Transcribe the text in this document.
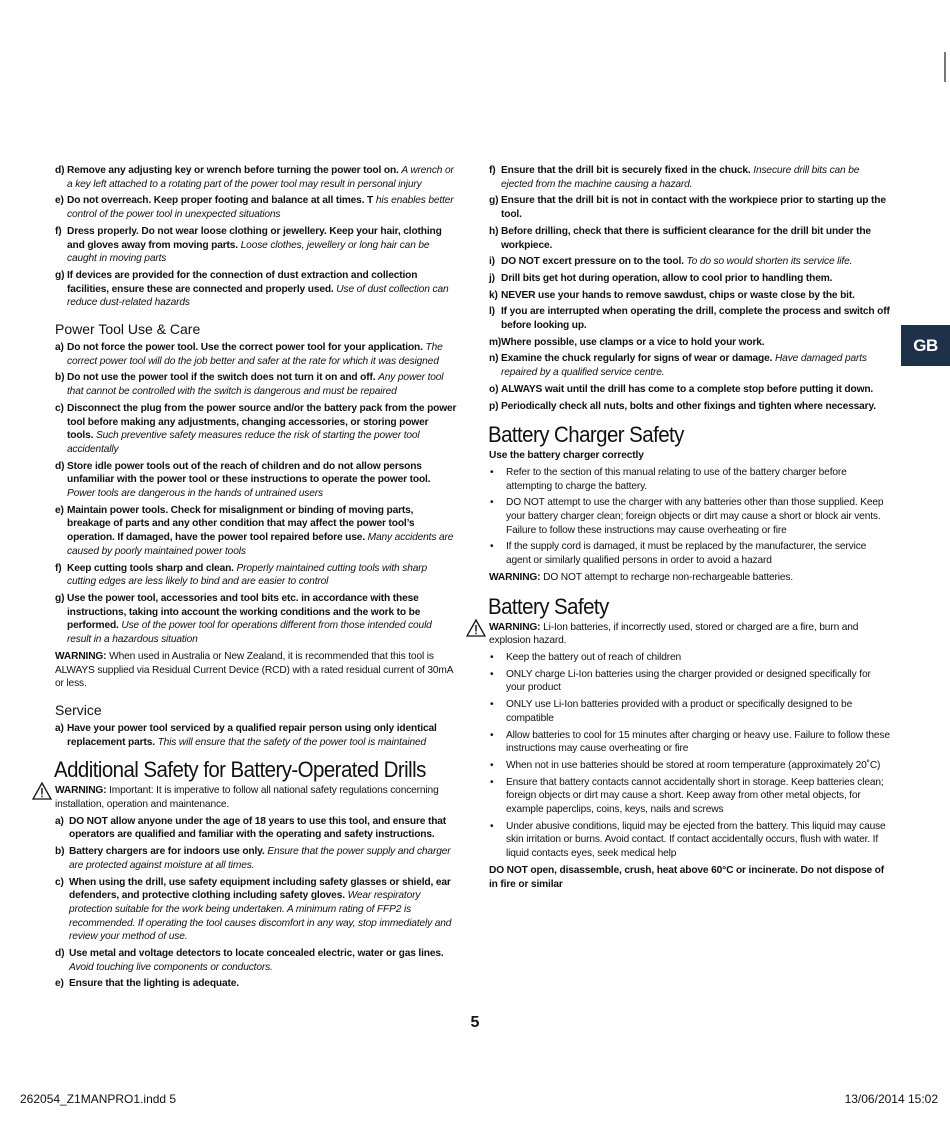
d) Remove any adjusting key or wrench before turning the power tool on. A wrench or a key left attached to a rotating part of the power tool may result in personal injury
e) Do not overreach. Keep proper footing and balance at all times. T his enables better control of the power tool in unexpected situations
f) Dress properly. Do not wear loose clothing or jewellery. Keep your hair, clothing and gloves away from moving parts. Loose clothes, jewellery or long hair can be caught in moving parts
g) If devices are provided for the connection of dust extraction and collection facilities, ensure these are connected and properly used. Use of dust collection can reduce dust-related hazards
Power Tool Use & Care
a) Do not force the power tool. Use the correct power tool for your application. The correct power tool will do the job better and safer at the rate for which it was designed
b) Do not use the power tool if the switch does not turn it on and off. Any power tool that cannot be controlled with the switch is dangerous and must be repaired
c) Disconnect the plug from the power source and/or the battery pack from the power tool before making any adjustments, changing accessories, or storing power tools. Such preventive safety measures reduce the risk of starting the power tool accidentally
d) Store idle power tools out of the reach of children and do not allow persons unfamiliar with the power tool or these instructions to operate the power tool. Power tools are dangerous in the hands of untrained users
e) Maintain power tools. Check for misalignment or binding of moving parts, breakage of parts and any other condition that may affect the power tool’s operation. If damaged, have the power tool repaired before use. Many accidents are caused by poorly maintained power tools
f) Keep cutting tools sharp and clean. Properly maintained cutting tools with sharp cutting edges are less likely to bind and are easier to control
g) Use the power tool, accessories and tool bits etc. in accordance with these instructions, taking into account the working conditions and the work to be performed. Use of the power tool for operations different from those intended could result in a hazardous situation

WARNING: When used in Australia or New Zealand, it is recommended that this tool is ALWAYS supplied via Residual Current Device (RCD) with a rated residual current of 30mA or less.

Service
a) Have your power tool serviced by a qualified repair person using only identical replacement parts. This will ensure that the safety of the power tool is maintained
Additional Safety for Battery-Operated Drills

WARNING: Important: It is imperative to follow all national safety regulations concerning installation, operation and maintenance.

a) DO NOT allow anyone under the age of 18 years to use this tool, and ensure that operators are qualified and familiar with the operating and safety instructions.
b) Battery chargers are for indoors use only. Ensure that the power supply and charger are protected against moisture at all times.
c) When using the drill, use safety equipment including safety glasses or shield, ear defenders, and protective clothing including safety gloves. Wear respiratory protection suitable for the work being undertaken. A minimum rating of FFP2 is recommended. If operating the tool causes discomfort in any way, stop immediately and review your method of use.
d) Use metal and voltage detectors to locate concealed electric, water or gas lines. Avoid touching live components or conductors.
e) Ensure that the lighting is adequate.
f) Ensure that the drill bit is securely fixed in the chuck. Insecure drill bits can be ejected from the machine causing a hazard.
g) Ensure that the drill bit is not in contact with the workpiece prior to starting up the tool.
h) Before drilling, check that there is sufficient clearance for the drill bit under the workpiece.
i) DO NOT excert pressure on to the tool. To do so would shorten its service life.
j) Drill bits get hot during operation, allow to cool prior to handling them.
k) NEVER use your hands to remove sawdust, chips or waste close by the bit.
l) If you are interrupted when operating the drill, complete the process and switch off before looking up.
m) Where possible, use clamps or a vice to hold your work.
n) Examine the chuck regularly for signs of wear or damage. Have damaged parts repaired by a qualified service centre.
o) ALWAYS wait until the drill has come to a complete stop before putting it down.
p) Periodically check all nuts, bolts and other fixings and tighten where necessary.
Battery Charger Safety

Use the battery charger correctly

• Refer to the section of this manual relating to use of the battery charger before attempting to charge the battery.
• DO NOT attempt to use the charger with any batteries other than those supplied. Keep your battery charger clean; foreign objects or dirt may cause a short or block air vents. Failure to follow these instructions may cause overheating or fire
• If the supply cord is damaged, it must be replaced by the manufacturer, the service agent or similarly qualified persons in order to avoid a hazard

WARNING: DO NOT attempt to recharge non-rechargeable batteries.

Battery Safety

WARNING: Li-Ion batteries, if incorrectly used, stored or charged are a fire, burn and explosion hazard.

• Keep the battery out of reach of children
• ONLY charge Li-Ion batteries using the charger provided or designed specifically for your product
• ONLY use Li-Ion batteries provided with a product or specifically designed to be compatible
• Allow batteries to cool for 15 minutes after charging or heavy use. Failure to follow these instructions may cause overheating or fire
• When not in use batteries should be stored at room temperature (approximately 20˚C)
• Ensure that battery contacts cannot accidentally short in storage. Keep batteries clean; foreign objects or dirt may cause a short. Keep away from other metal objects, for example paperclips, coins, keys, nails and screws
• Under abusive conditions, liquid may be ejected from the battery. This liquid may cause skin irritation or burns. Avoid contact. If contact accidentally occurs, flush with water. If liquid contacts eyes, seek medical help

DO NOT open, disassemble, crush, heat above 60°C or incinerate. Do not dispose of in fire or similar

GB
5
262054_Z1MANPRO1.indd 5	13/06/2014 15:02
